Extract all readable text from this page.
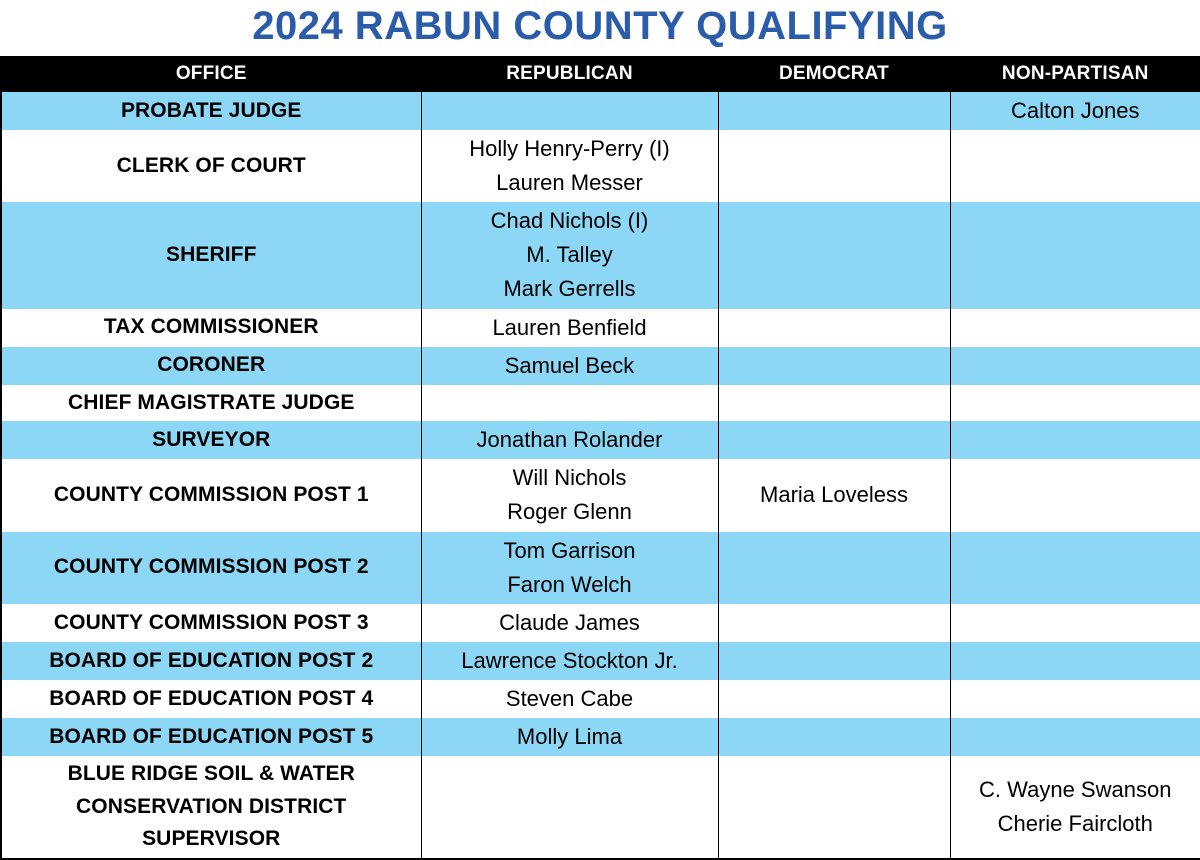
2024 RABUN COUNTY QUALIFYING
OFFICE	REPUBLICAN	DEMOCRAT	NON-PARTISAN

PROBATE JUDGE			Calton Jones

CLERK OF COURT	Holly Henry-Perry (I)
Lauren Messer		

SHERIFF	Chad Nichols (I)
M. Talley
Mark Gerrells		

TAX COMMISSIONER	Lauren Benfield		

CORONER	Samuel Beck		

CHIEF MAGISTRATE JUDGE			

SURVEYOR	Jonathan Rolander		

COUNTY COMMISSION POST 1	Will Nichols
Roger Glenn	Maria Loveless	

COUNTY COMMISSION POST 2	Tom Garrison
Faron Welch		

COUNTY COMMISSION POST 3	Claude James		

BOARD OF EDUCATION POST 2	Lawrence Stockton Jr.		

BOARD OF EDUCATION POST 4	Steven Cabe		

BOARD OF EDUCATION POST 5	Molly Lima		

BLUE RIDGE SOIL & WATER
CONSERVATION DISTRICT
SUPERVISOR			C. Wayne Swanson
Cherie Faircloth
